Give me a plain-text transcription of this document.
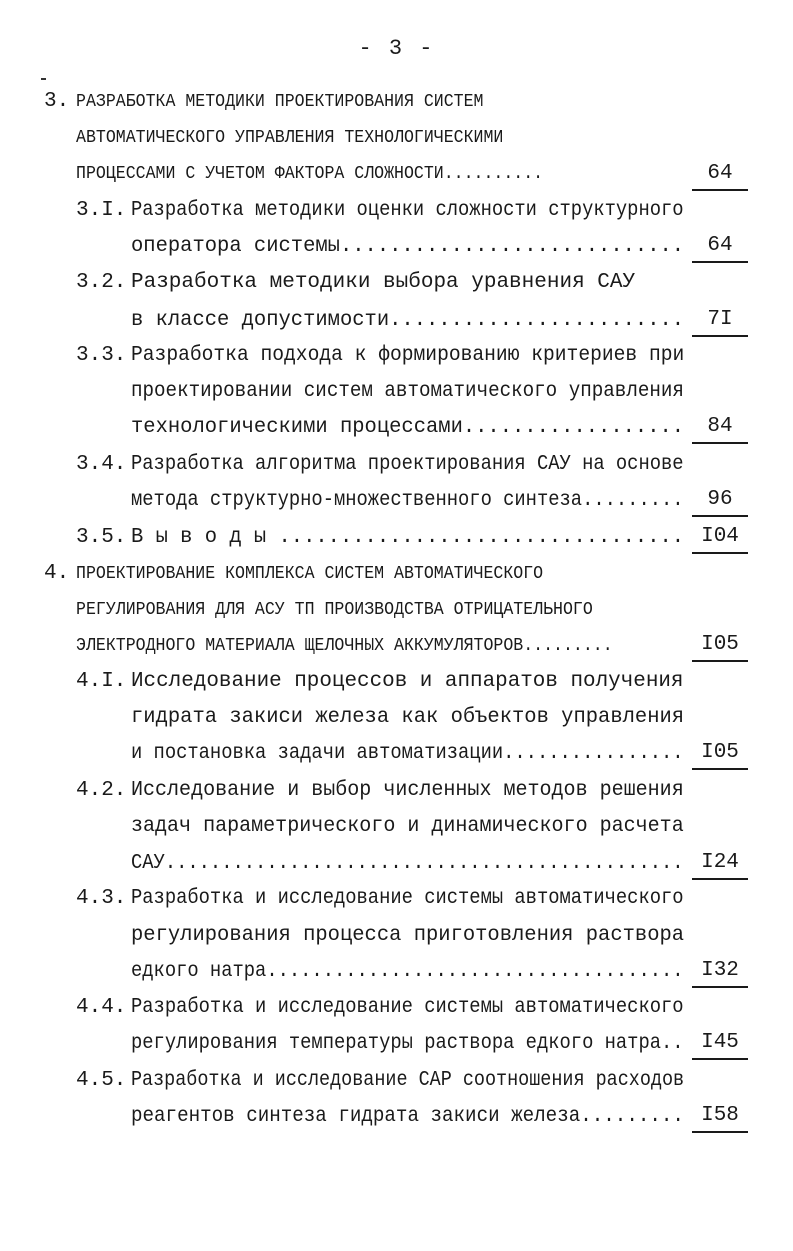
- 3 -
3. РАЗРАБОТКА МЕТОДИКИ ПРОЕКТИРОВАНИЯ СИСТЕМ
АВТОМАТИЧЕСКОГО УПРАВЛЕНИЯ ТЕХНОЛОГИЧЕСКИМИ
ПРОЦЕССАМИ С УЧЕТОМ ФАКТОРА СЛОЖНОСТИ..........	64
3.I. Разработка методики оценки сложности структурного
оператора системы............................	64
3.2. Разработка методики выбора уравнения САУ
в классе допустимости........................	7I
3.3. Разработка подхода к формированию критериев при
проектировании систем автоматического управления
технологическими процессами..................	84
3.4. Разработка алгоритма проектирования САУ на основе
метода структурно-множественного синтеза.........	96
3.5. В ы в о д ы ................................. I04
4. ПРОЕКТИРОВАНИЕ КОМПЛЕКСА СИСТЕМ АВТОМАТИЧЕСКОГО
РЕГУЛИРОВАНИЯ ДЛЯ АСУ ТП ПРОИЗВОДСТВА ОТРИЦАТЕЛЬНОГО
ЭЛЕКТРОДНОГО МАТЕРИАЛА ЩЕЛОЧНЫХ АККУМУЛЯТОРОВ.........	I05
4.I. Исследование процессов и аппаратов получения
гидрата закиси железа как объектов управления
и постановка задачи автоматизации................ I05
4.2. Исследование и выбор численных методов решения
задач параметрического и динамического расчета
САУ.............................................. I24
4.3. Разработка и исследование системы автоматического
регулирования процесса приготовления раствора
едкого натра..................................... I32
4.4. Разработка и исследование системы автоматического
регулирования температуры раствора едкого натра.. I45
4.5. Разработка и исследование САР соотношения расходов
реагентов синтеза гидрата закиси железа......... I58
